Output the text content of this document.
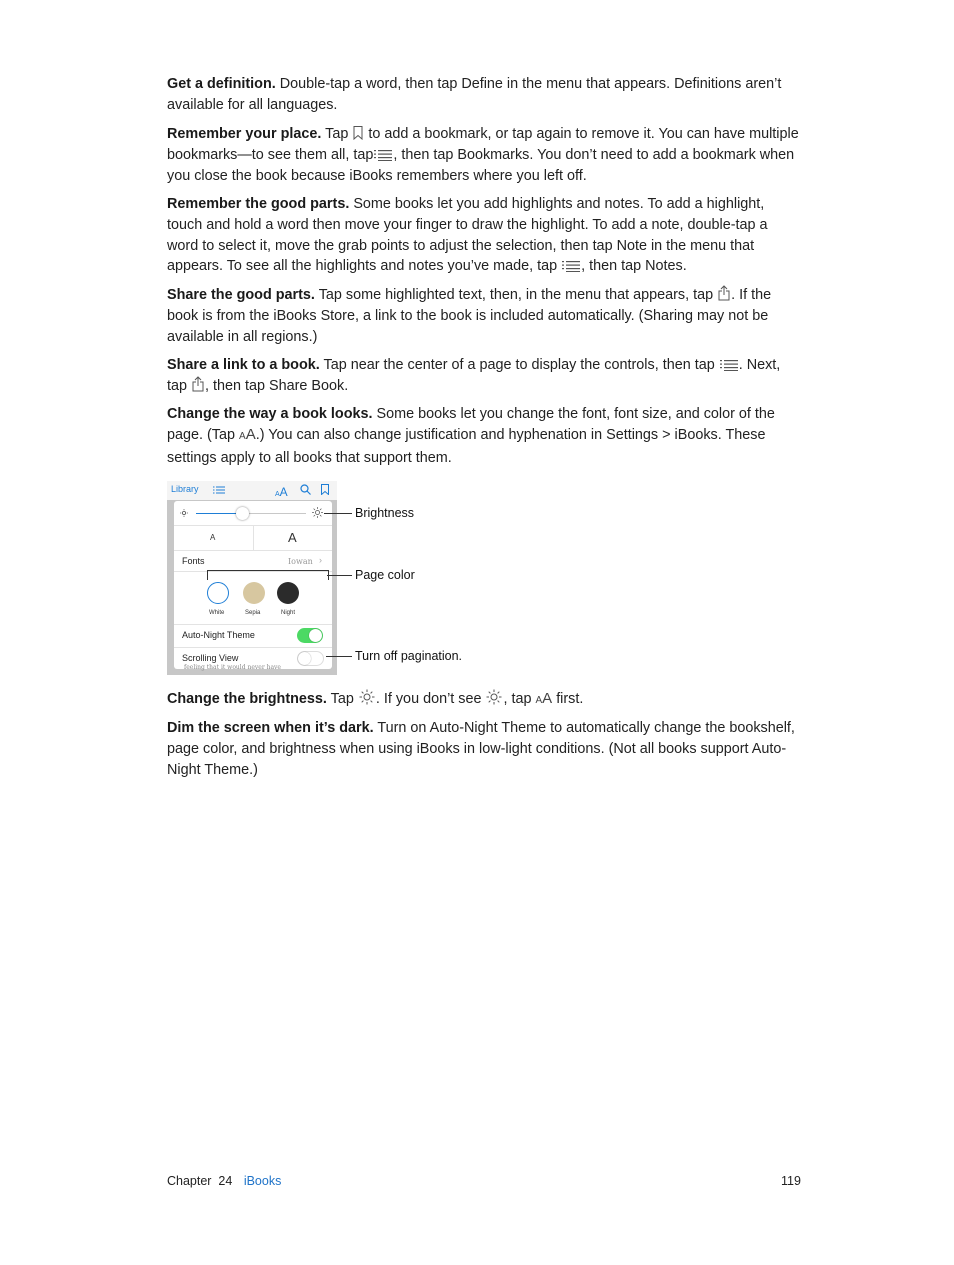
Get a definition. Double-tap a word, then tap Define in the menu that appears. Definitions aren’t available for all languages.

Remember your place. Tap to add a bookmark, or tap again to remove it. You can have multiple bookmarks—to see them all, tap , then tap Bookmarks. You don’t need to add a bookmark when you close the book because iBooks remembers where you left off.

Remember the good parts. Some books let you add highlights and notes. To add a highlight, touch and hold a word then move your finger to draw the highlight. To add a note, double-tap a word to select it, move the grab points to adjust the selection, then tap Note in the menu that appears. To see all the highlights and notes you’ve made, tap , then tap Notes.

Share the good parts. Tap some highlighted text, then, in the menu that appears, tap . If the book is from the iBooks Store, a link to the book is included automatically. (Sharing may not be available in all regions.)

Share a link to a book. Tap near the center of a page to display the controls, then tap . Next, tap , then tap Share Book.

Change the way a book looks. Some books let you change the font, font size, and color of the page. (Tap AA.) You can also change justification and hyphenation in Settings > iBooks. These settings apply to all books that support them.

Library
AA
A	A
Fonts	Iowan ›
White	Sepia	Night
Auto-Night Theme
Scrolling View
feeling that it would never have
Brightness
Page color
Turn off pagination.

Change the brightness. Tap . If you don’t see , tap AA first.

Dim the screen when it’s dark. Turn on Auto-Night Theme to automatically change the bookshelf, page color, and brightness when using iBooks in low-light conditions. (Not all books support Auto-Night Theme.)

Chapter  24 iBooks	119
